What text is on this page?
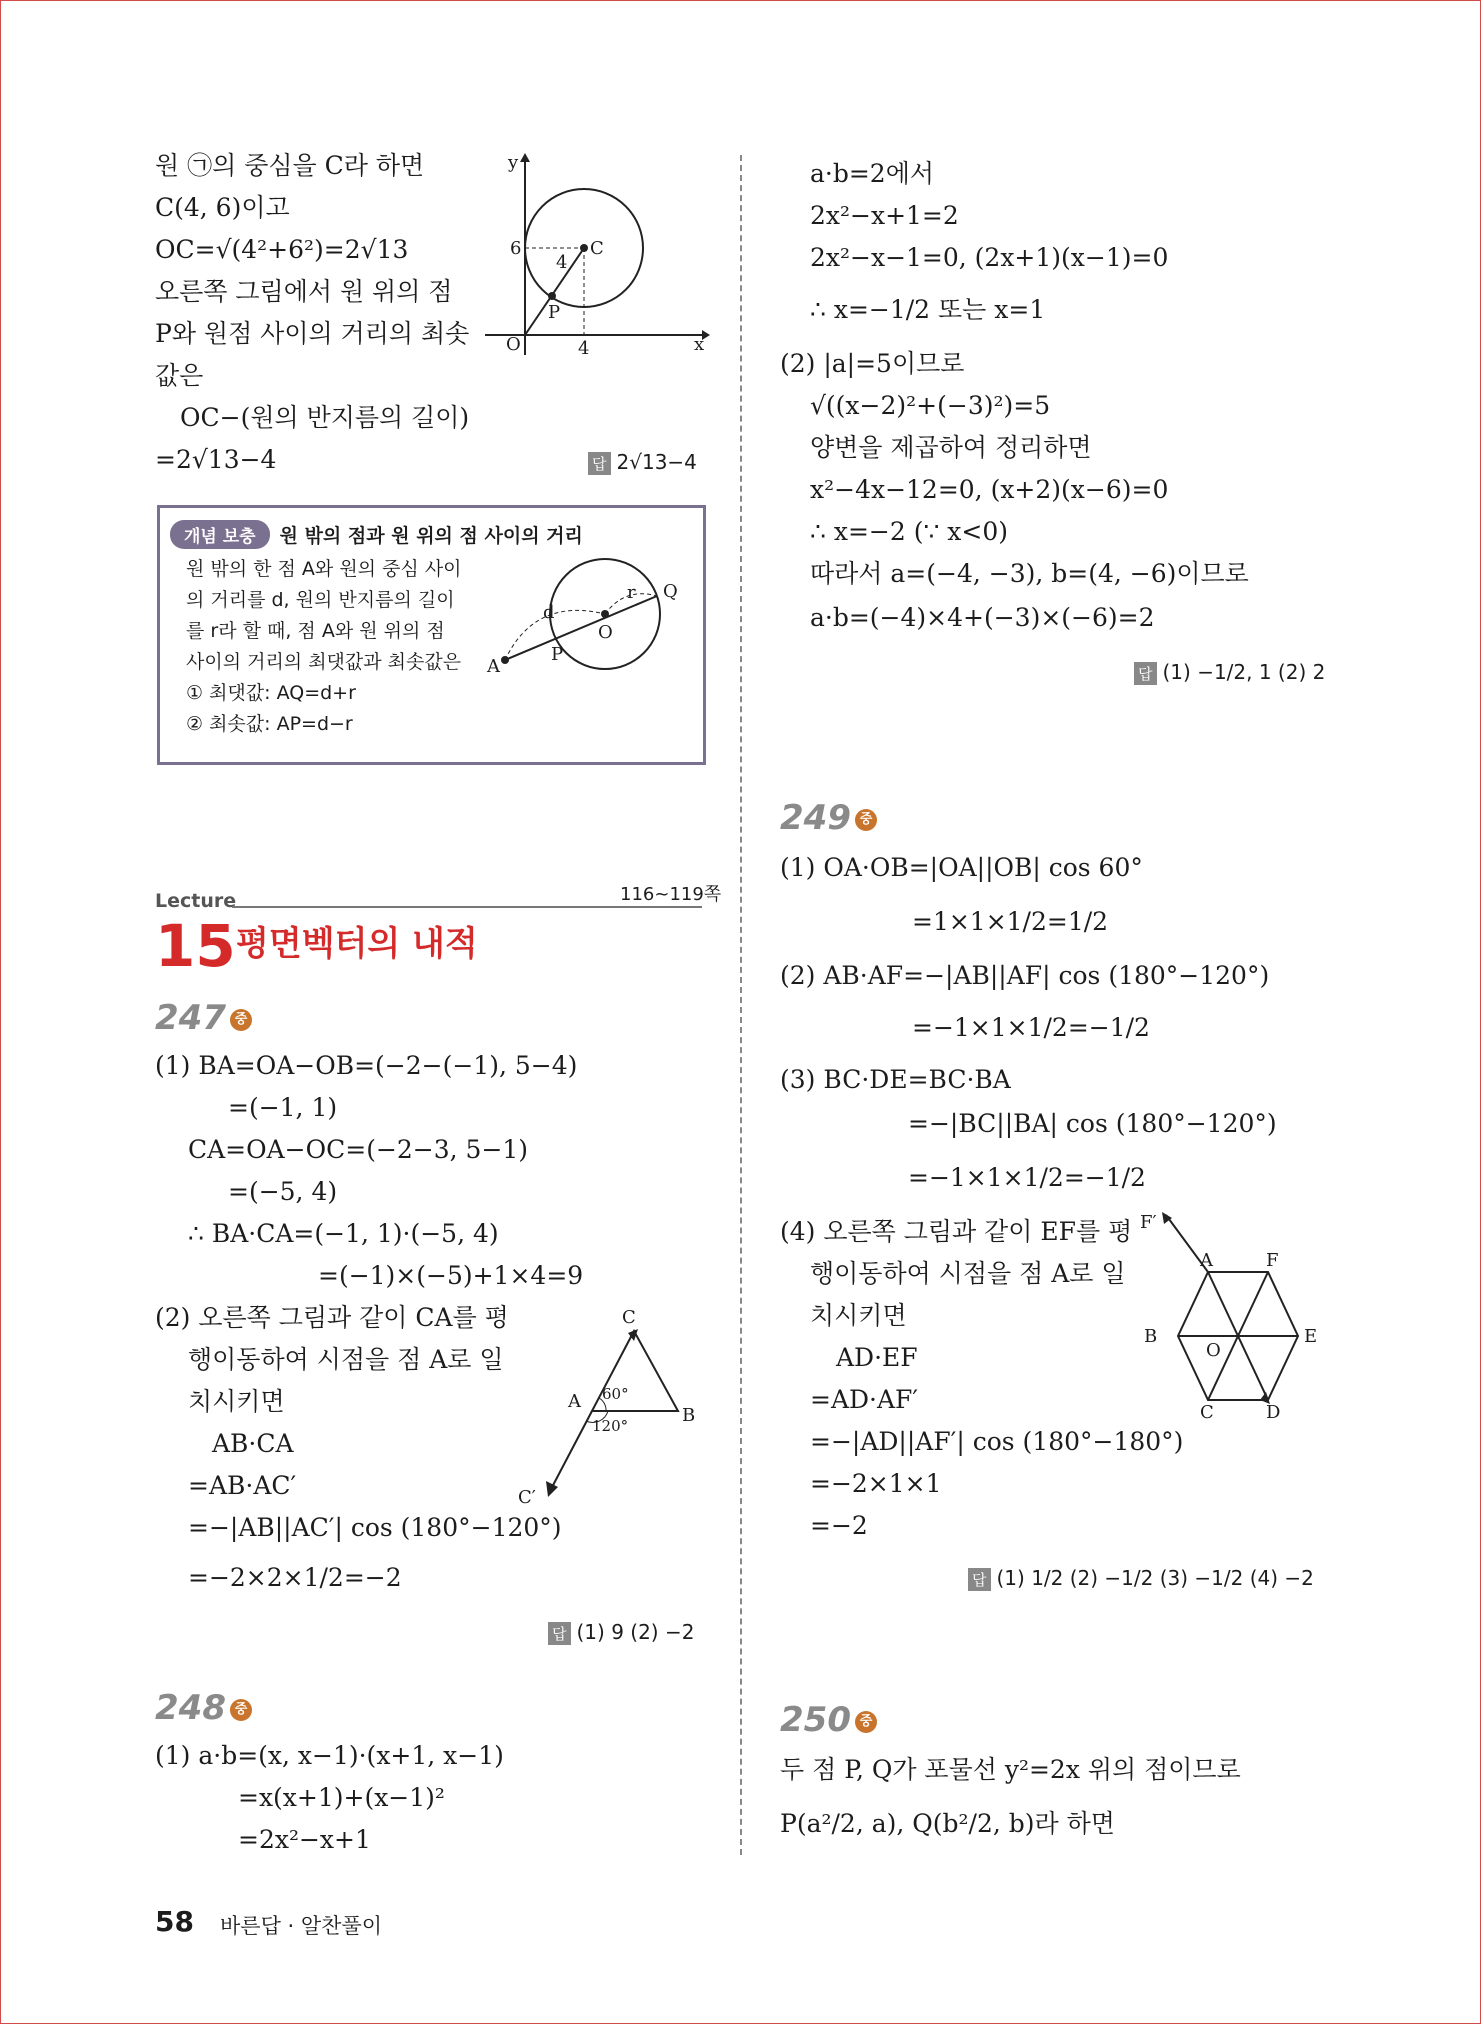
원 ㉠의 중심을 C라 하면
C(4, 6)이고
OC=√(4²+6²)=2√13
오른쪽 그림에서 원 위의 점
P와 원점 사이의 거리의 최솟
값은
OC−(원의 반지름의 길이)
=2√13−4	답 2√13−4
y
x
O
C
P
6
4
4
개념 보충 원 밖의 점과 원 위의 점 사이의 거리
원 밖의 한 점 A와 원의 중심 사이
의 거리를 d, 원의 반지름의 길이
를 r라 할 때, 점 A와 원 위의 점
사이의 거리의 최댓값과 최솟값은
① 최댓값: AQ=d+r
② 최솟값: AP=d−r
A
P
O
Q
d
r
Lecture	116~119쪽
15 평면벡터의 내적
247 중
(1) BA=OA−OB=(−2−(−1), 5−4)
=(−1, 1)
CA=OA−OC=(−2−3, 5−1)
=(−5, 4)
∴ BA·CA=(−1, 1)·(−5, 4)
=(−1)×(−5)+1×4=9
(2) 오른쪽 그림과 같이 CA를 평
행이동하여 시점을 점 A로 일
치시키면
AB·CA
=AB·AC′
=−|AB||AC′| cos (180°−120°)
=−2×2×1/2=−2
답 (1) 9 (2) −2
C
A
B
C′
60°
120°
248 중
(1) a·b=(x, x−1)·(x+1, x−1)
=x(x+1)+(x−1)²
=2x²−x+1
a·b=2에서
2x²−x+1=2
2x²−x−1=0, (2x+1)(x−1)=0
∴ x=−1/2 또는 x=1
(2) |a|=5이므로
√((x−2)²+(−3)²)=5
양변을 제곱하여 정리하면
x²−4x−12=0, (x+2)(x−6)=0
∴ x=−2 (∵ x<0)
따라서 a=(−4, −3), b=(4, −6)이므로
a·b=(−4)×4+(−3)×(−6)=2
답 (1) −1/2, 1 (2) 2
249 중
(1) OA·OB=|OA||OB| cos 60°
=1×1×1/2=1/2
(2) AB·AF=−|AB||AF| cos (180°−120°)
=−1×1×1/2=−1/2
(3) BC·DE=BC·BA
=−|BC||BA| cos (180°−120°)
=−1×1×1/2=−1/2
(4) 오른쪽 그림과 같이 EF를 평
행이동하여 시점을 점 A로 일
치시키면
AD·EF
=AD·AF′
=−|AD||AF′| cos (180°−180°)
=−2×1×1
=−2
답 (1) 1/2 (2) −1/2 (3) −1/2 (4) −2
F′
A	F
B
O
E
C	D
250 중
두 점 P, Q가 포물선 y²=2x 위의 점이므로
P(a²/2, a), Q(b²/2, b)라 하면
58 바른답 · 알찬풀이
